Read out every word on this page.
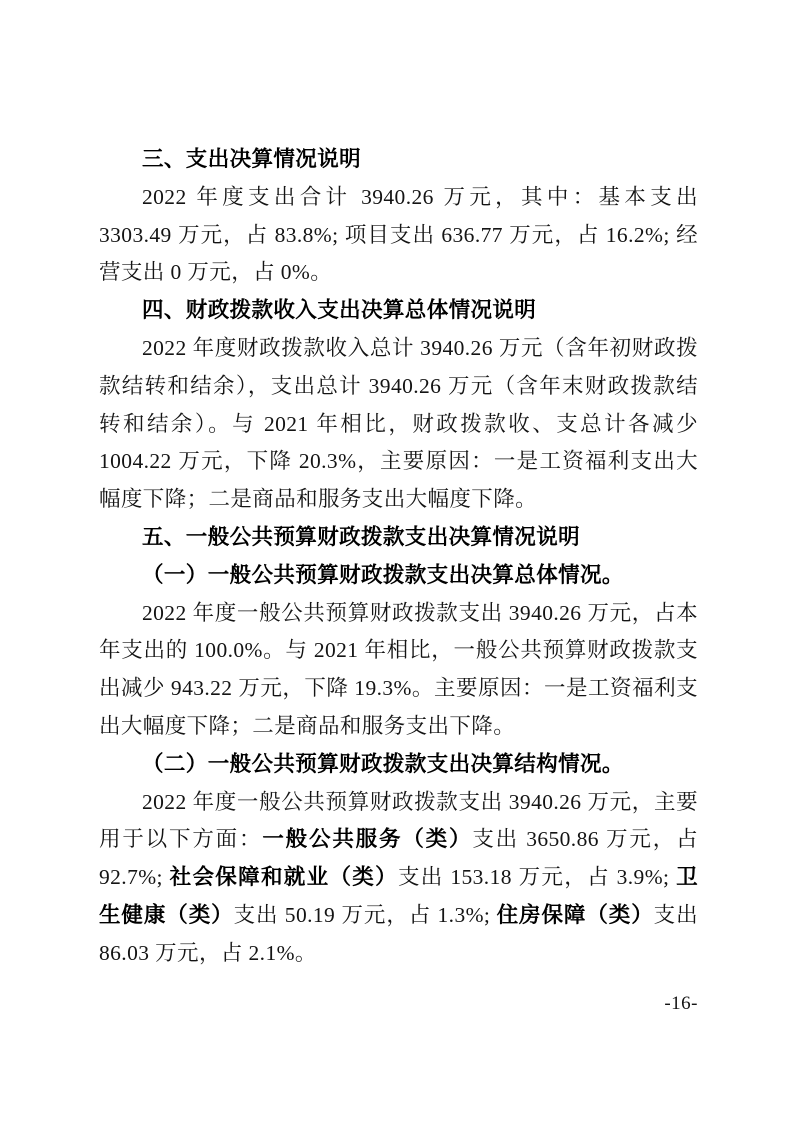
三、支出决算情况说明

2022 年度支出合计 3940.26 万元，其中：基本支出 3303.49 万元，占 83.8%; 项目支出 636.77 万元，占 16.2%; 经营支出 0 万元，占 0%。

四、财政拨款收入支出决算总体情况说明

2022 年度财政拨款收入总计 3940.26 万元（含年初财政拨款结转和结余），支出总计 3940.26 万元（含年末财政拨款结转和结余）。与 2021 年相比，财政拨款收、支总计各减少 1004.22 万元，下降 20.3%，主要原因：一是工资福利支出大幅度下降；二是商品和服务支出大幅度下降。

五、一般公共预算财政拨款支出决算情况说明
（一）一般公共预算财政拨款支出决算总体情况。

2022 年度一般公共预算财政拨款支出 3940.26 万元，占本年支出的 100.0%。与 2021 年相比，一般公共预算财政拨款支出减少 943.22 万元，下降 19.3%。主要原因：一是工资福利支出大幅度下降；二是商品和服务支出下降。

（二）一般公共预算财政拨款支出决算结构情况。

2022 年度一般公共预算财政拨款支出 3940.26 万元，主要用于以下方面：一般公共服务（类）支出 3650.86 万元，占 92.7%; 社会保障和就业（类）支出 153.18 万元，占 3.9%; 卫生健康（类）支出 50.19 万元，占 1.3%; 住房保障（类）支出 86.03 万元，占 2.1%。

-16-
